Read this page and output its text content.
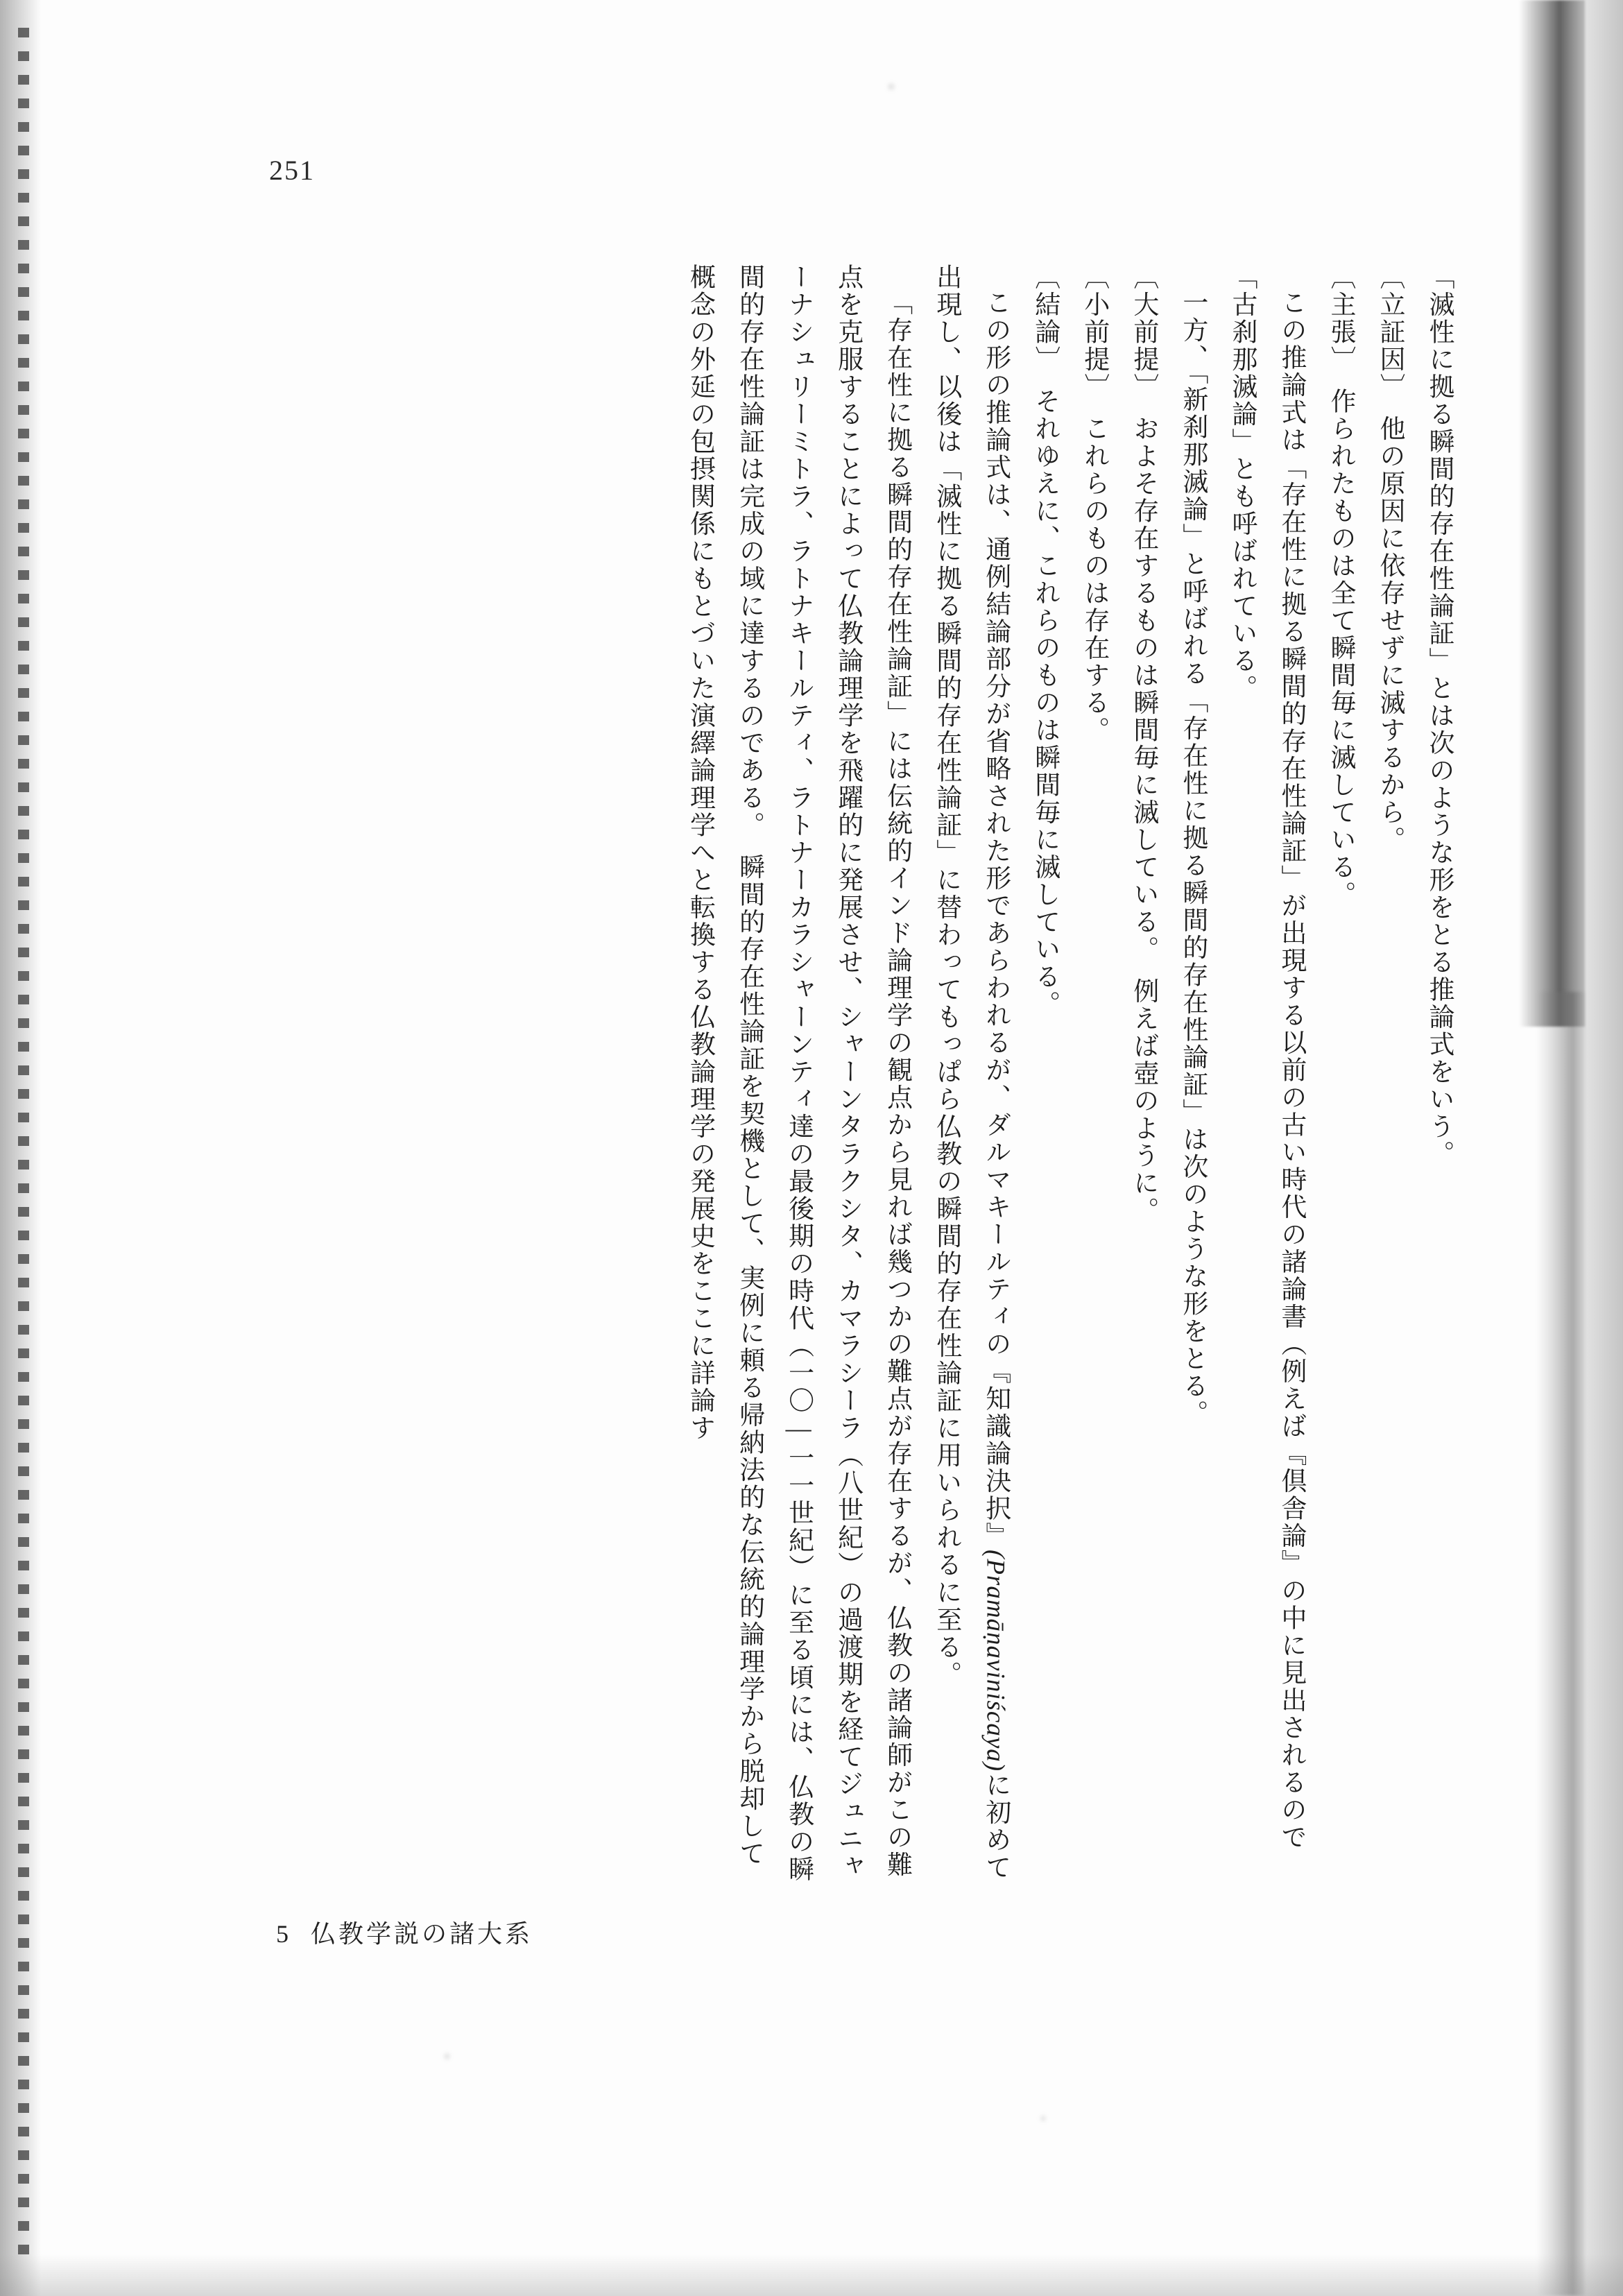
251

「滅性に拠る瞬間的存在性論証」とは次のような形をとる推論式をいう。

〔立証因〕　他の原因に依存せずに滅するから。

〔主張〕　作られたものは全て瞬間毎に滅している。

この推論式は「存在性に拠る瞬間的存在性論証」が出現する以前の古い時代の諸論書（例えば『倶舎論』の中に見出されるので「古刹那滅論」とも呼ばれている。

一方、「新刹那滅論」と呼ばれる「存在性に拠る瞬間的存在性論証」は次のような形をとる。

〔大前提〕　およそ存在するものは瞬間毎に滅している。　例えば壺のように。

〔小前提〕　これらのものは存在する。

〔結論〕　それゆえに、これらのものは瞬間毎に滅している。

この形の推論式は、通例結論部分が省略された形であらわれるが、ダルマキールティの『知識論決択』(Pramāṇaviniścaya)に初めて出現し、以後は「滅性に拠る瞬間的存在性論証」に替わってもっぱら仏教の瞬間的存在性論証に用いられるに至る。

「存在性に拠る瞬間的存在性論証」には伝統的インド論理学の観点から見れば幾つかの難点が存在するが、仏教の諸論師がこの難点を克服することによって仏教論理学を飛躍的に発展させ、シャーンタラクシタ、カマラシーラ（八世紀）の過渡期を経てジュニャーナシュリーミトラ、ラトナキールティ、ラトナーカラシャーンティ達の最後期の時代（一〇―一一世紀）に至る頃には、仏教の瞬間的存在性論証は完成の域に達するのである。　瞬間的存在性論証を契機として、実例に頼る帰納法的な伝統的論理学から脱却して概念の外延の包摂関係にもとづいた演繹論理学へと転換する仏教論理学の発展史をここに詳論す

5 仏教学説の諸大系
